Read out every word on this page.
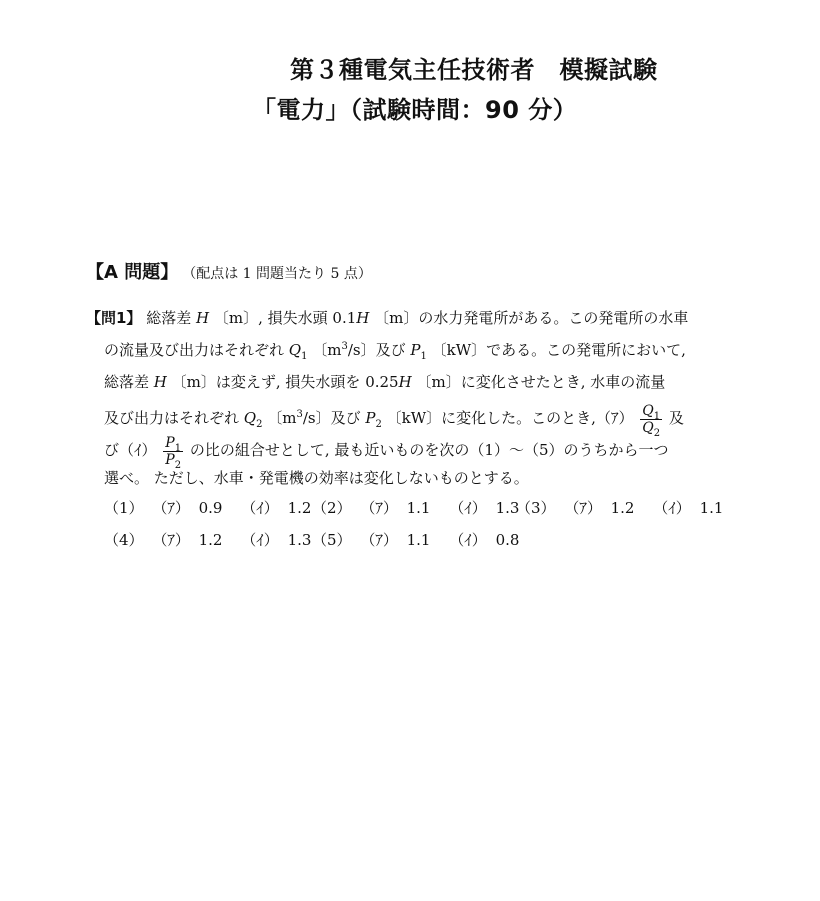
第３種電気主任技術者　模擬試験
「電力」（試験時間：90 分）
【A 問題】 （配点は 1 問題当たり 5 点）
【問1】 総落差 H 〔m〕, 損失水頭 0.1H 〔m〕の水力発電所がある。この発電所の水車
の流量及び出力はそれぞれ $Q_1$ 〔$m^3/s$〕及び $P_1$ 〔kW〕である。この発電所において,
総落差 H 〔m〕は変えず, 損失水頭を 0.25H 〔m〕に変化させたとき, 水車の流量
及び出力はそれぞれ $Q_2$ 〔$m^3/s$〕及び $P_2$ 〔kW〕に変化した。このとき,（ｱ） $\frac{Q_1}{Q_2}$ 及
び（ｲ） $\frac{P_1}{P_2}$ の比の組合せとして, 最も近いものを次の（1）～（5）のうちから一つ
選べ。 ただし、水車・発電機の効率は変化しないものとする。
（1） （ｱ） 0.9 （ｲ） 1.2 （2） （ｱ） 1.1 （ｲ） 1.3
（3） （ｱ） 1.2 （ｲ） 1.1
（4） （ｱ） 1.2 （ｲ） 1.3 （5） （ｱ） 1.1 （ｲ） 0.8
